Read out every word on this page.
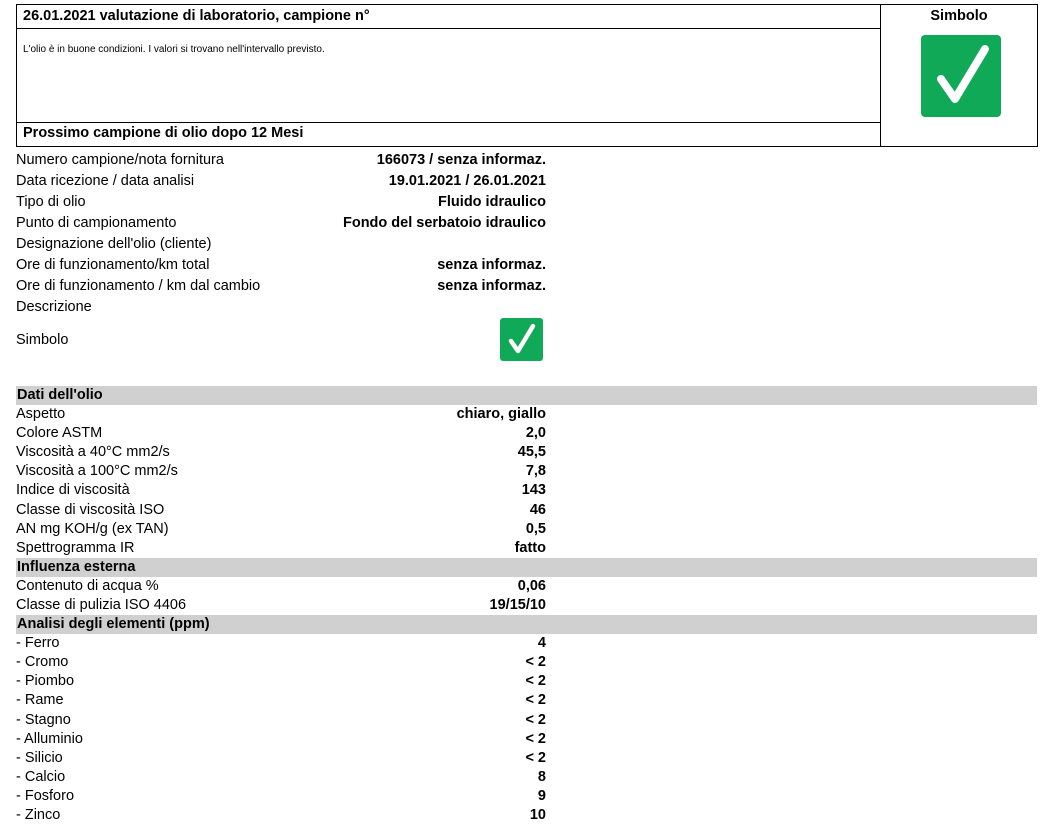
26.01.2021 valutazione di laboratorio, campione n°
L'olio è in buone condizioni. I valori si trovano nell'intervallo previsto.
Prossimo campione di olio dopo 12 Mesi
Simbolo
Numero campione/nota fornitura	166073 / senza informaz.
Data ricezione / data analisi	19.01.2021 / 26.01.2021
Tipo di olio	Fluido idraulico
Punto di campionamento	Fondo del serbatoio idraulico
Designazione dell'olio (cliente)
Ore di funzionamento/km total	senza informaz.
Ore di funzionamento / km dal cambio	senza informaz.
Descrizione
Simbolo
Dati dell'olio
Aspetto	chiaro, giallo
Colore ASTM	2,0
Viscosità a 40°C mm2/s	45,5
Viscosità a 100°C mm2/s	7,8
Indice di viscosità	143
Classe di viscosità ISO	46
AN mg KOH/g (ex TAN)	0,5
Spettrogramma IR	fatto
Influenza esterna
Contenuto di acqua %	0,06
Classe di pulizia ISO 4406	19/15/10
Analisi degli elementi (ppm)
- Ferro	4
- Cromo	< 2
- Piombo	< 2
- Rame	< 2
- Stagno	< 2
- Alluminio	< 2
- Silicio	< 2
- Calcio	8
- Fosforo	9
- Zinco	10
